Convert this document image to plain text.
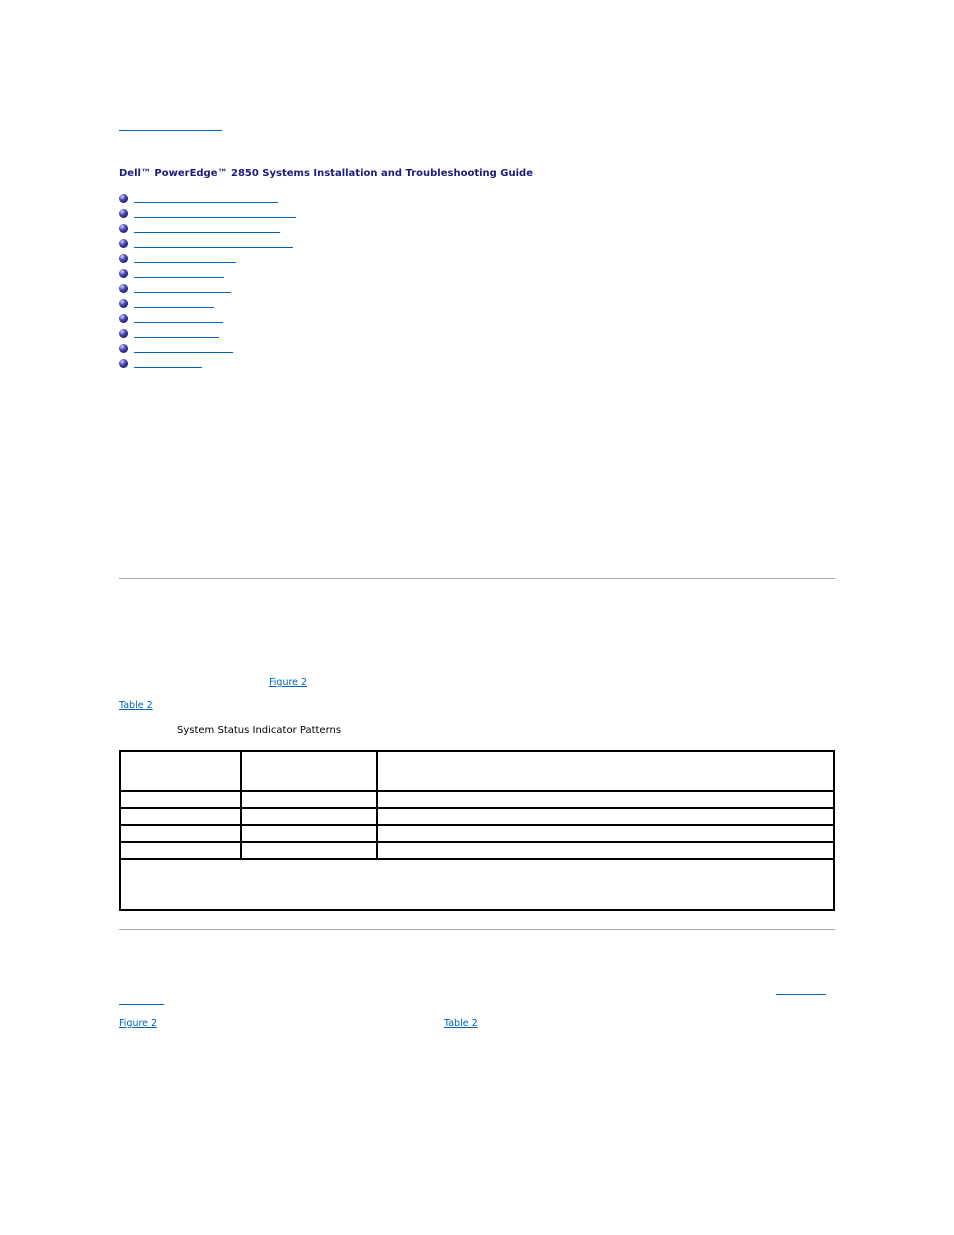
Dell™ PowerEdge™ 2850 Systems Installation and Troubleshooting Guide
Figure 2
Table 2
System Status Indicator Patterns

Figure 2	Table 2
